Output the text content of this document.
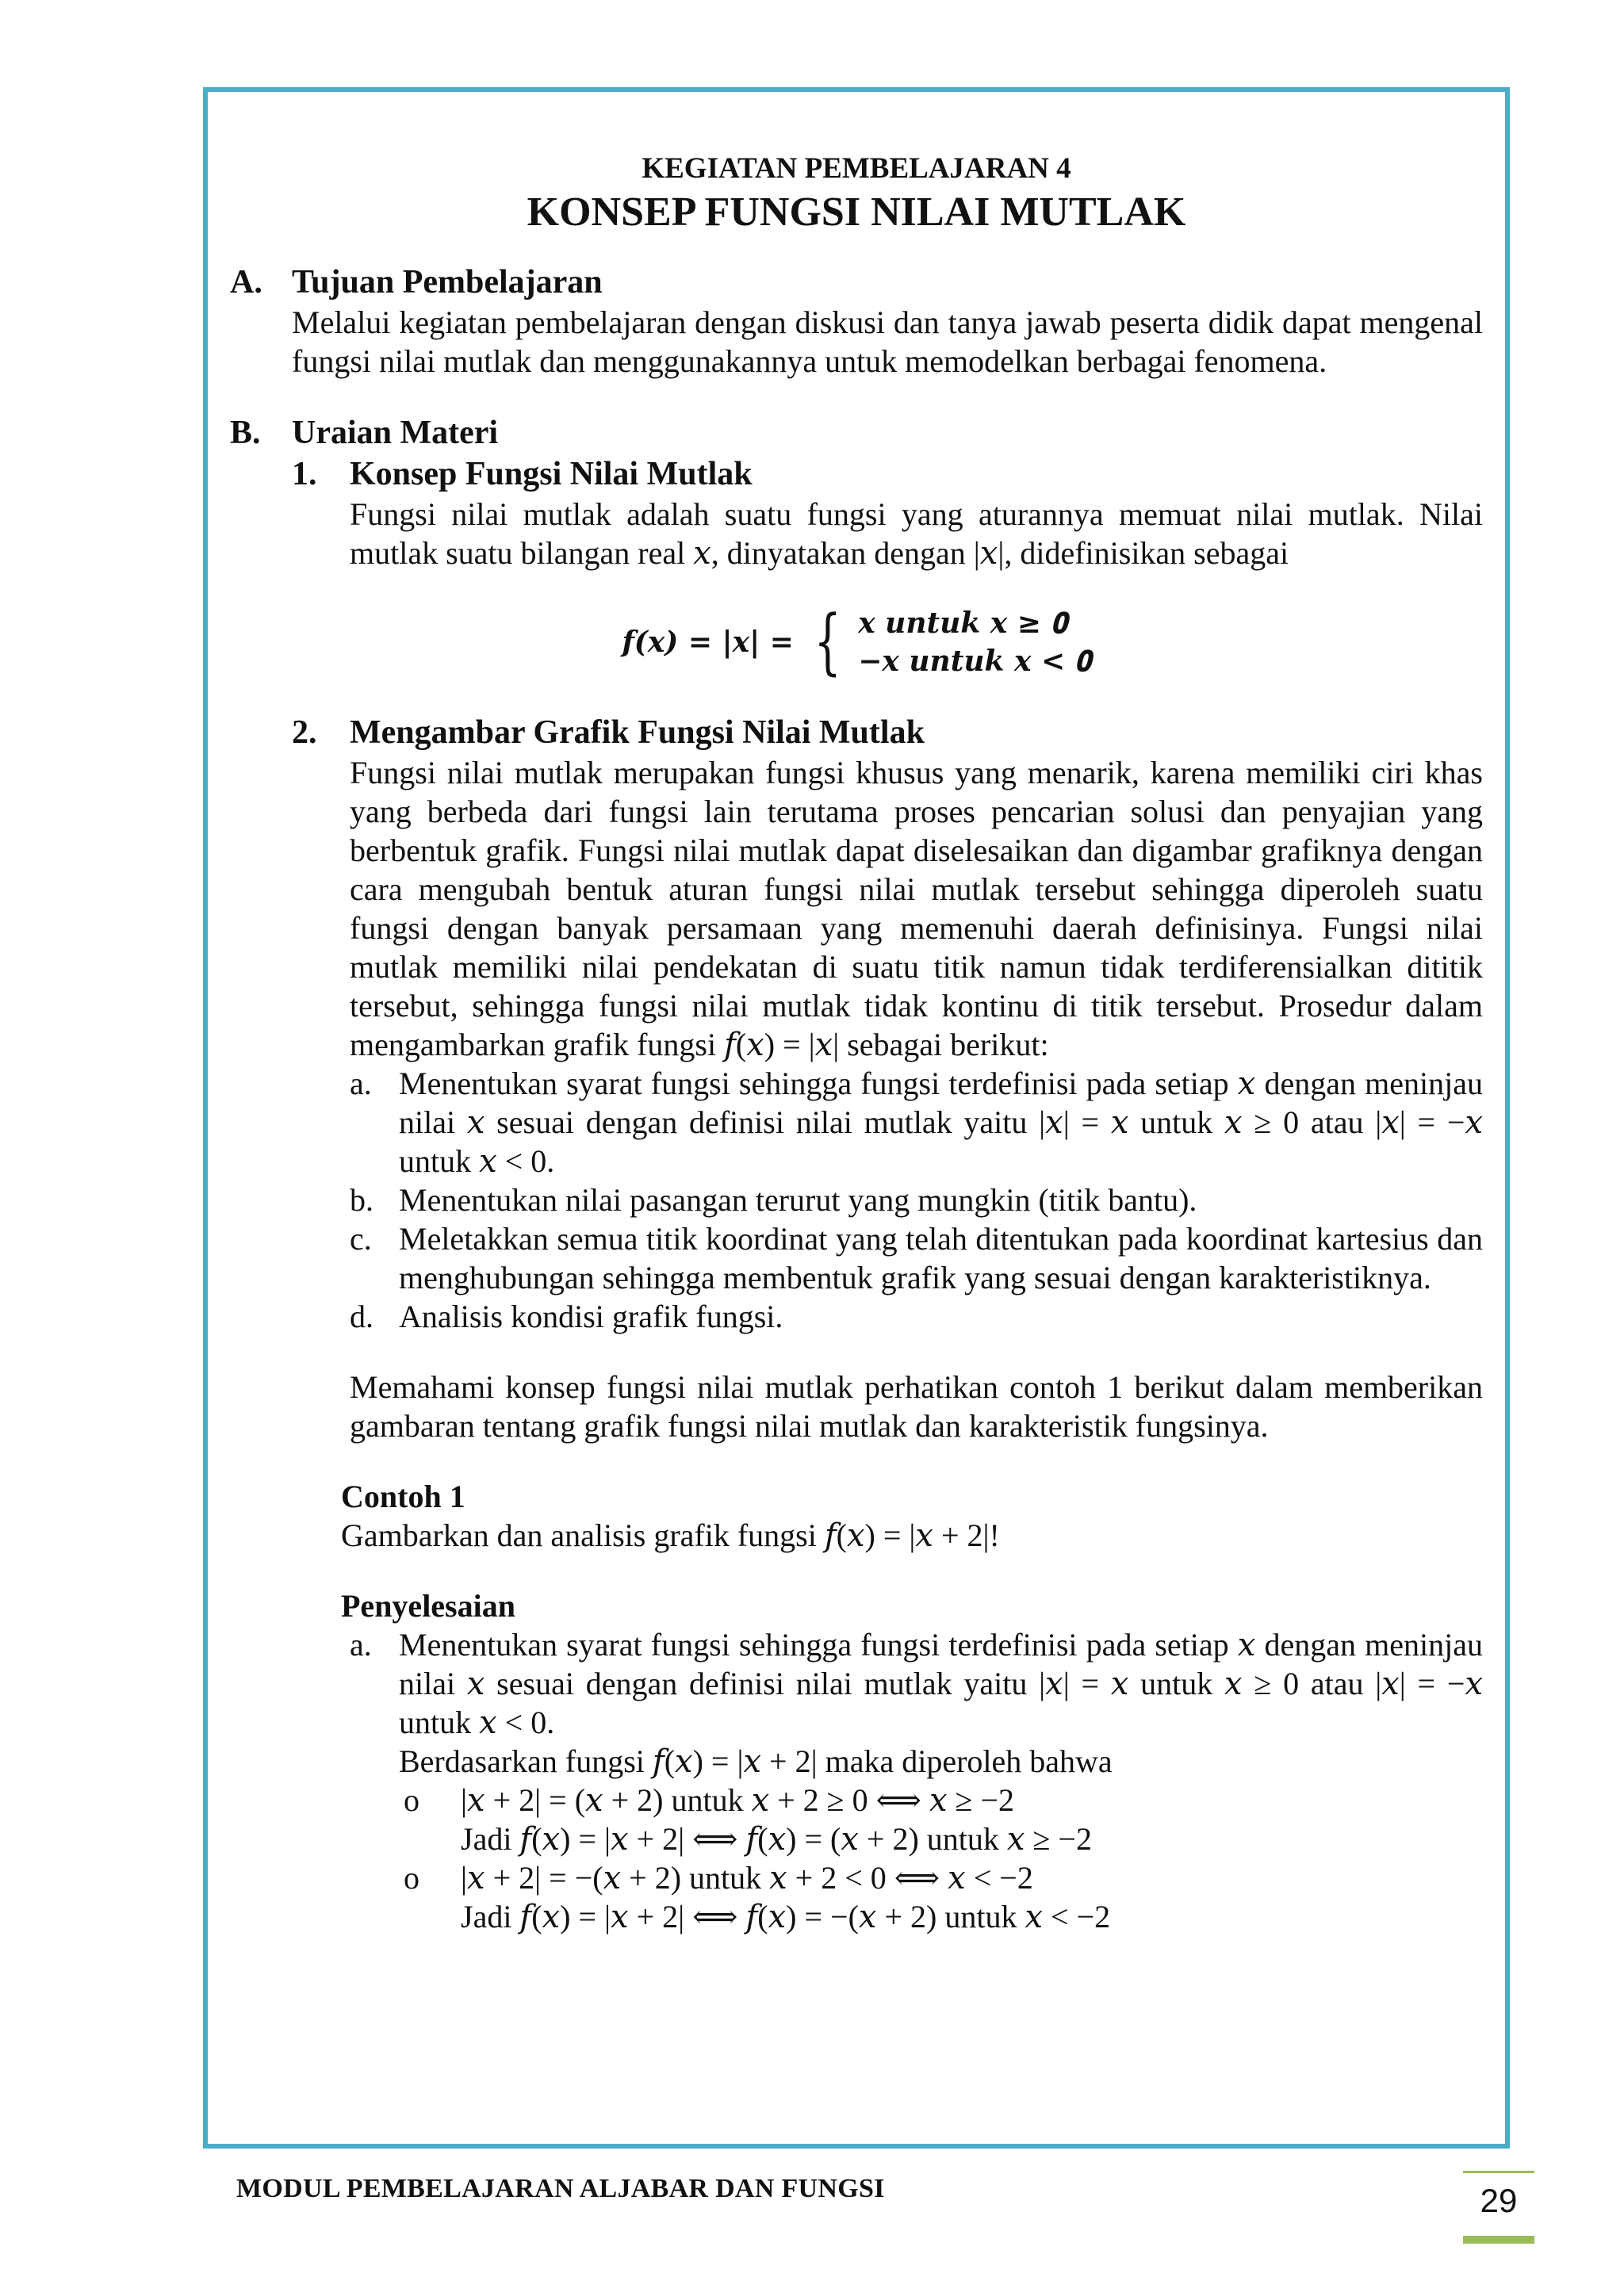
KEGIATAN PEMBELAJARAN 4
KONSEP FUNGSI NILAI MUTLAK
A. Tujuan Pembelajaran
Melalui kegiatan pembelajaran dengan diskusi dan tanya jawab peserta didik dapat mengenal fungsi nilai mutlak dan menggunakannya untuk memodelkan berbagai fenomena.
B. Uraian Materi
1. Konsep Fungsi Nilai Mutlak
Fungsi nilai mutlak adalah suatu fungsi yang aturannya memuat nilai mutlak. Nilai mutlak suatu bilangan real 𝑥, dinyatakan dengan |𝑥|, didefinisikan sebagai
𝒇(𝒙) = |𝒙| = { 𝒙 untuk 𝒙 ≥ 𝟎
−𝒙 untuk 𝒙 < 𝟎
2. Mengambar Grafik Fungsi Nilai Mutlak
Fungsi nilai mutlak merupakan fungsi khusus yang menarik, karena memiliki ciri khas yang berbeda dari fungsi lain terutama proses pencarian solusi dan penyajian yang berbentuk grafik. Fungsi nilai mutlak dapat diselesaikan dan digambar grafiknya dengan cara mengubah bentuk aturan fungsi nilai mutlak tersebut sehingga diperoleh suatu fungsi dengan banyak persamaan yang memenuhi daerah definisinya. Fungsi nilai mutlak memiliki nilai pendekatan di suatu titik namun tidak terdiferensialkan dititik tersebut, sehingga fungsi nilai mutlak tidak kontinu di titik tersebut. Prosedur dalam mengambarkan grafik fungsi 𝑓(𝑥) = |𝑥| sebagai berikut:
a. Menentukan syarat fungsi sehingga fungsi terdefinisi pada setiap 𝑥 dengan meninjau nilai 𝑥 sesuai dengan definisi nilai mutlak yaitu |𝑥| = 𝑥 untuk 𝑥 ≥ 0 atau |𝑥| = −𝑥 untuk 𝑥 < 0.
b. Menentukan nilai pasangan terurut yang mungkin (titik bantu).
c. Meletakkan semua titik koordinat yang telah ditentukan pada koordinat kartesius dan menghubungan sehingga membentuk grafik yang sesuai dengan karakteristiknya.
d. Analisis kondisi grafik fungsi.
Memahami konsep fungsi nilai mutlak perhatikan contoh 1 berikut dalam memberikan gambaran tentang grafik fungsi nilai mutlak dan karakteristik fungsinya.
Contoh 1
Gambarkan dan analisis grafik fungsi 𝑓(𝑥) = |𝑥 + 2|!
Penyelesaian
a. Menentukan syarat fungsi sehingga fungsi terdefinisi pada setiap 𝑥 dengan meninjau nilai 𝑥 sesuai dengan definisi nilai mutlak yaitu |𝑥| = 𝑥 untuk 𝑥 ≥ 0 atau |𝑥| = −𝑥 untuk 𝑥 < 0.
Berdasarkan fungsi 𝑓(𝑥) = |𝑥 + 2| maka diperoleh bahwa
o	|𝑥 + 2| = (𝑥 + 2) untuk 𝑥 + 2 ≥ 0 ⟺ 𝑥 ≥ −2
Jadi 𝑓(𝑥) = |𝑥 + 2| ⟺ 𝑓(𝑥) = (𝑥 + 2) untuk 𝑥 ≥ −2
o	|𝑥 + 2| = −(𝑥 + 2) untuk 𝑥 + 2 < 0 ⟺ 𝑥 < −2
Jadi 𝑓(𝑥) = |𝑥 + 2| ⟺ 𝑓(𝑥) = −(𝑥 + 2) untuk 𝑥 < −2
MODUL PEMBELAJARAN ALJABAR DAN FUNGSI	29
